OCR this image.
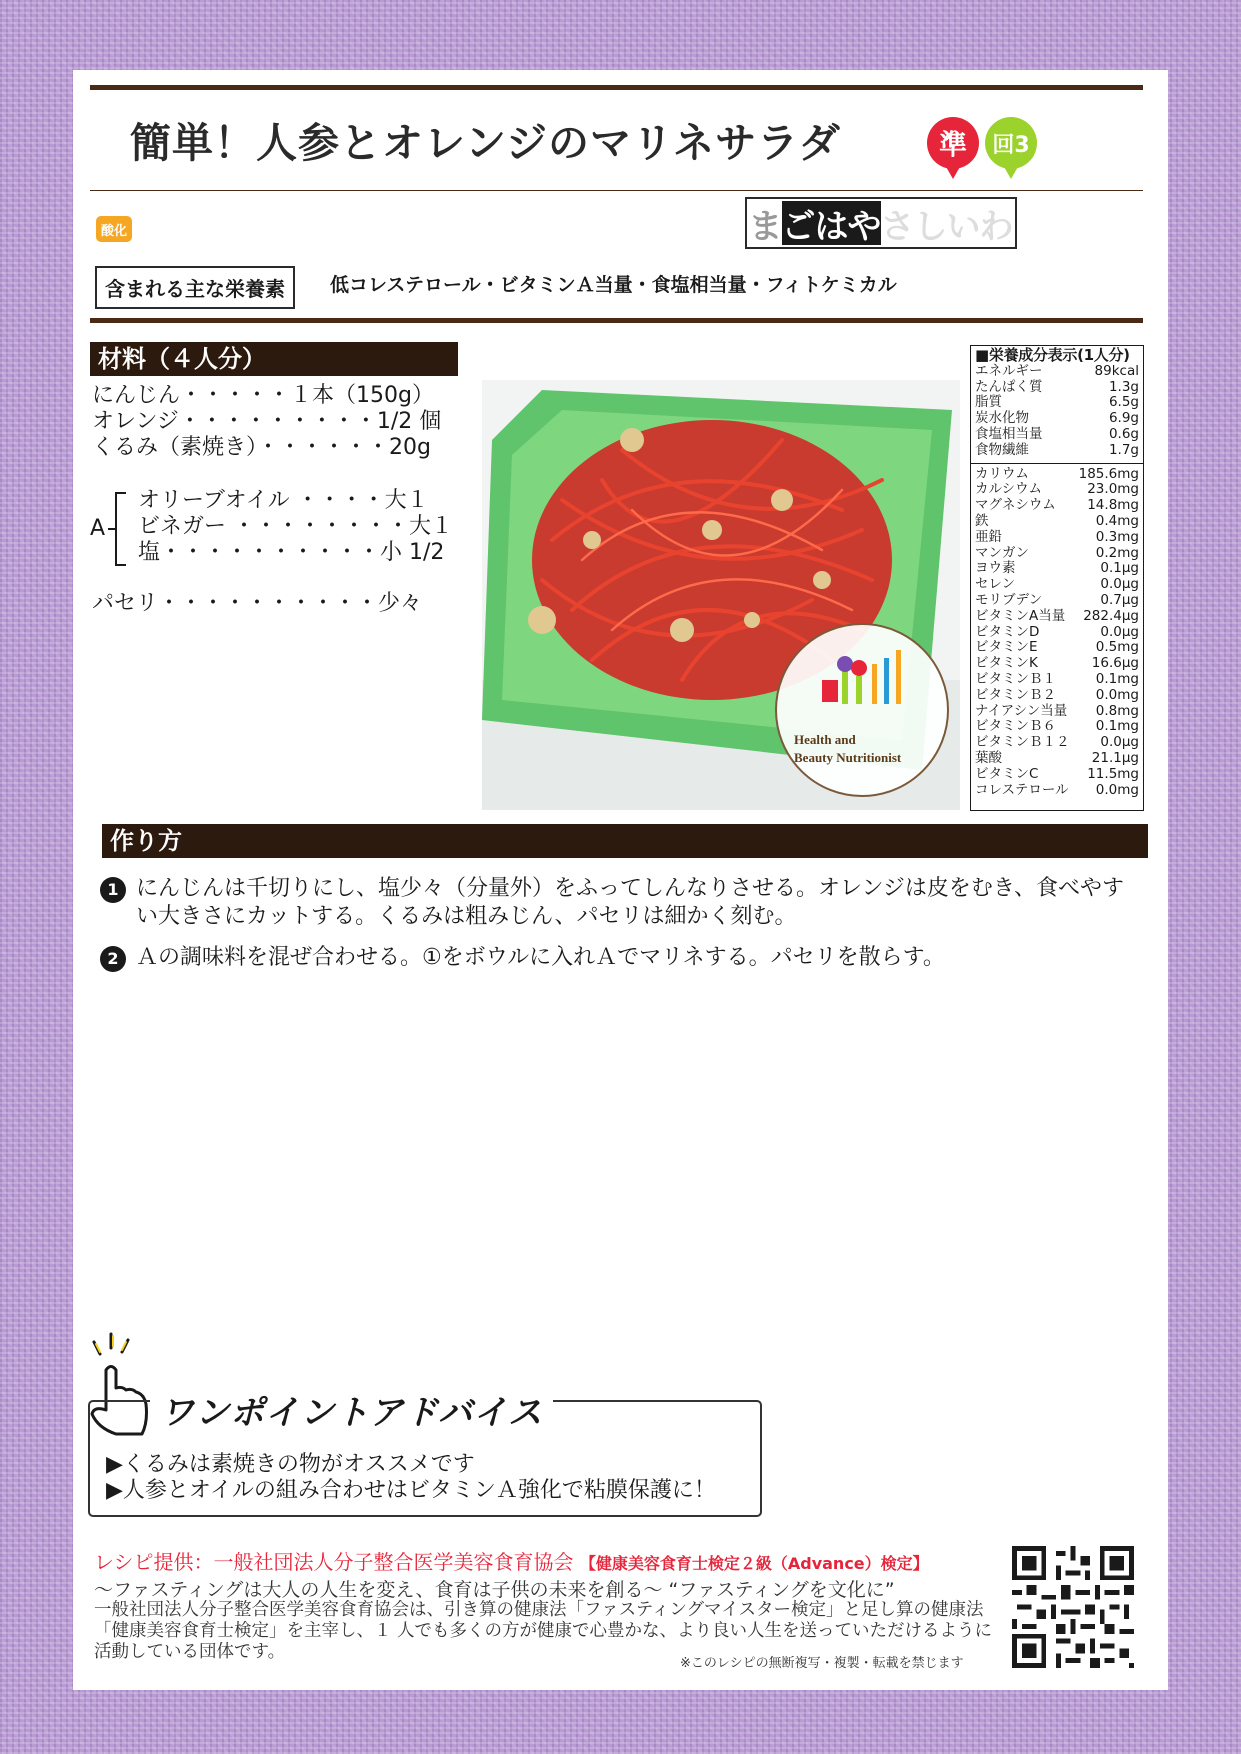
簡単！人参とオレンジのマリネサラダ	準	回3
酸化	ま ご は や さ し い わ
含まれる主な栄養素	低コレステロール・ビタミンＡ当量・食塩相当量・フィトケミカル
材料（４人分）
にんじん・・・・・１本（150g）
オレンジ・・・・・・・・・1/2 個
くるみ（素焼き）・・・・・・20g
A
オリーブオイル ・・・・大１
ビネガー ・・・・・・・・大１
塩・・・・・・・・・・小 1/2
パセリ・・・・・・・・・・少々
Health and
Beauty Nutritionist
■栄養成分表示(1人分)
エネルギー	89kcal
たんぱく質	1.3g
脂質	6.5g
炭水化物	6.9g
食塩相当量	0.6g
食物繊維	1.7g
カリウム	185.6mg
カルシウム	23.0mg
マグネシウム 14.8mg
鉄	0.4mg
亜鉛	0.3mg
マンガン	0.2mg
ヨウ素	0.1μg
セレン	0.0μg
モリブデン	0.7μg
ビタミンA当量 282.4μg
ビタミンD	0.0μg
ビタミンE	0.5mg
ビタミンK	16.6μg
ビタミンＢ１	0.1mg
ビタミンＢ２	0.0mg
ナイアシン当量 0.8mg
ビタミンＢ６	0.1mg
ビタミンＢ１２ 0.0μg
葉酸	21.1μg
ビタミンC	11.5mg
コレステロール 0.0mg
作り方
1 にんじんは千切りにし、塩少々（分量外）をふってしんなりさせる。オレンジは皮をむき、食べやすい大きさにカットする。くるみは粗みじん、パセリは細かく刻む。
2 Ａの調味料を混ぜ合わせる。①をボウルに入れＡでマリネする。パセリを散らす。
ワンポイントアドバイス
▶くるみは素焼きの物がオススメです
▶人参とオイルの組み合わせはビタミンＡ強化で粘膜保護に！
レシピ提供：一般社団法人分子整合医学美容食育協会 【健康美容食育士検定２級（Advance）検定】
～ファスティングは大人の人生を変え、食育は子供の未来を創る～ “ファスティングを文化に”
一般社団法人分子整合医学美容食育協会は、引き算の健康法「ファスティングマイスター検定」と足し算の健康法「健康美容食育士検定」を主宰し、１ 人でも多くの方が健康で心豊かな、より良い人生を送っていただけるように活動している団体です。
※このレシピの無断複写・複製・転載を禁じます
